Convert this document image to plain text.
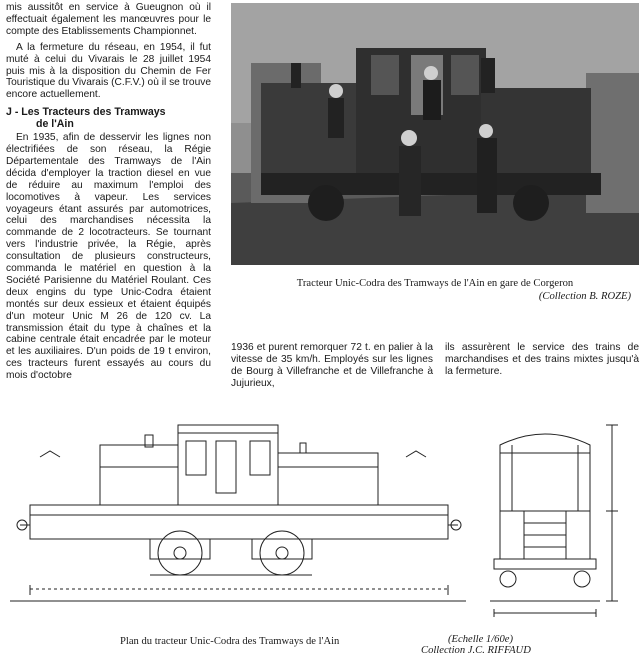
mis aussitôt en service à Gueugnon où il effectuait également les manœuvres pour le compte des Etablissements Championnet.

A la fermeture du réseau, en 1954, il fut muté à celui du Vivarais le 28 juillet 1954 puis mis à la disposition du Chemin de Fer Touristique du Vivarais (C.F.V.) où il se trouve encore actuellement.

J - Les Tracteurs des Tramways
de l'Ain

En 1935, afin de desservir les lignes non électrifiées de son réseau, la Régie Départementale des Tramways de l'Ain décida d'employer la traction diesel en vue de réduire au maximum l'emploi des locomotives à vapeur. Les services voyageurs étant assurés par automotrices, celui des marchandises nécessita la commande de 2 locotracteurs. Se tournant vers l'industrie privée, la Régie, après consultation de plusieurs constructeurs, commanda le matériel en question à la Société Parisienne du Matériel Roulant. Ces deux engins du type Unic-Codra étaient montés sur deux essieux et étaient équipés d'un moteur Unic M 26 de 120 cv. La transmission était du type à chaînes et la cabine centrale était encadrée par le moteur et les auxiliaires. D'un poids de 19 t environ, ces tracteurs furent essayés au cours du mois d'octobre

Tracteur Unic-Codra des Tramways de l'Ain en gare de Corgeron
(Collection B. ROZE)

1936 et purent remorquer 72 t. en palier à la vitesse de 35 km/h. Employés sur les lignes de Bourg à Villefranche et de Villefranche à Jujurieux,

ils assurèrent le service des trains de marchandises et des trains mixtes jusqu'à la fermeture.

Plan du tracteur Unic-Codra des Tramways de l'Ain	(Echelle 1/60e)
Collection J.C. RIFFAUD
